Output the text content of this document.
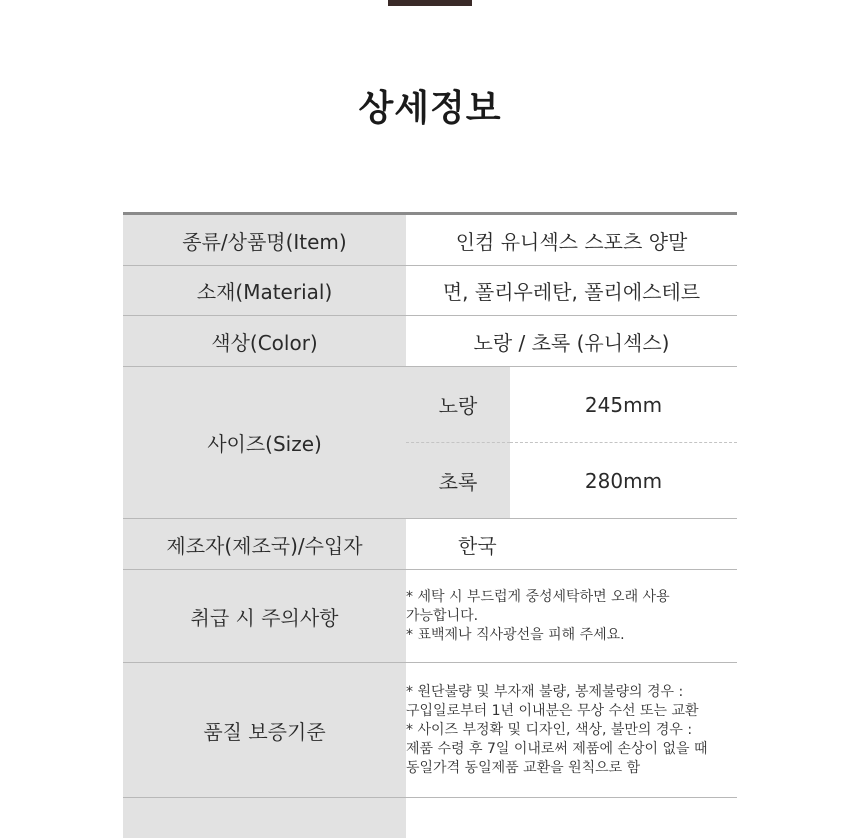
상세정보
종류/상품명(Item)	인컴 유니섹스 스포츠 양말
소재(Material)	면, 폴리우레탄, 폴리에스테르
색상(Color)	노랑 / 초록 (유니섹스)
사이즈(Size)	
노랑	245mm
초록	280mm

제조자(제조국)/수입자	한국
취급 시 주의사항	
* 세탁 시 부드럽게 중성세탁하면 오래 사용
가능합니다.
* 표백제나 직사광선을 피해 주세요.

품질 보증기준	
* 원단불량 및 부자재 불량, 봉제불량의 경우 :
구입일로부터 1년 이내분은 무상 수선 또는 교환
* 사이즈 부정확 및 디자인, 색상, 불만의 경우 :
제품 수령 후 7일 이내로써 제품에 손상이 없을 때
동일가격 동일제품 교환을 원칙으로 함
